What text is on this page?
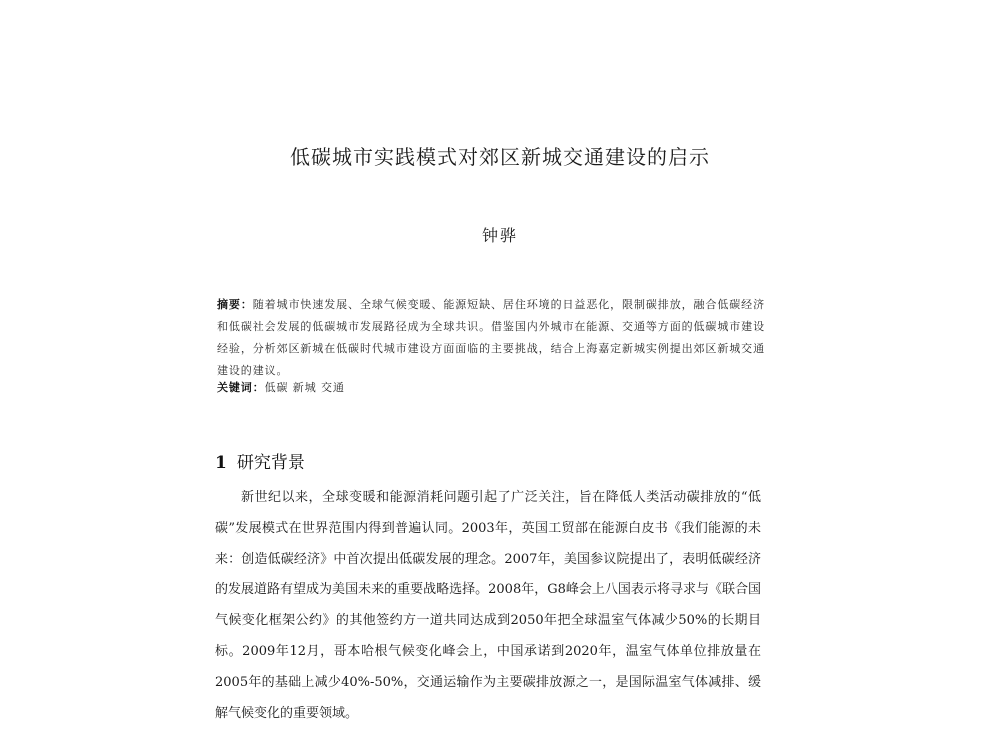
低碳城市实践模式对郊区新城交通建设的启示
钟骅

摘要：随着城市快速发展、全球气候变暖、能源短缺、居住环境的日益恶化，限制碳排放，融合低碳经济和低碳社会发展的低碳城市发展路径成为全球共识。借鉴国内外城市在能源、交通等方面的低碳城市建设经验，分析郊区新城在低碳时代城市建设方面面临的主要挑战，结合上海嘉定新城实例提出郊区新城交通建设的建议。

关键词：低碳 新城 交通

1 研究背景

新世纪以来，全球变暖和能源消耗问题引起了广泛关注，旨在降低人类活动碳排放的“低碳”发展模式在世界范围内得到普遍认同。2003年，英国工贸部在能源白皮书《我们能源的未来：创造低碳经济》中首次提出低碳发展的理念。2007年，美国参议院提出了，表明低碳经济的发展道路有望成为美国未来的重要战略选择。2008年，G8峰会上八国表示将寻求与《联合国气候变化框架公约》的其他签约方一道共同达成到2050年把全球温室气体减少50%的长期目标。2009年12月，哥本哈根气候变化峰会上，中国承诺到2020年，温室气体单位排放量在2005年的基础上减少40%-50%，交通运输作为主要碳排放源之一，是国际温室气体减排、缓解气候变化的重要领域。
